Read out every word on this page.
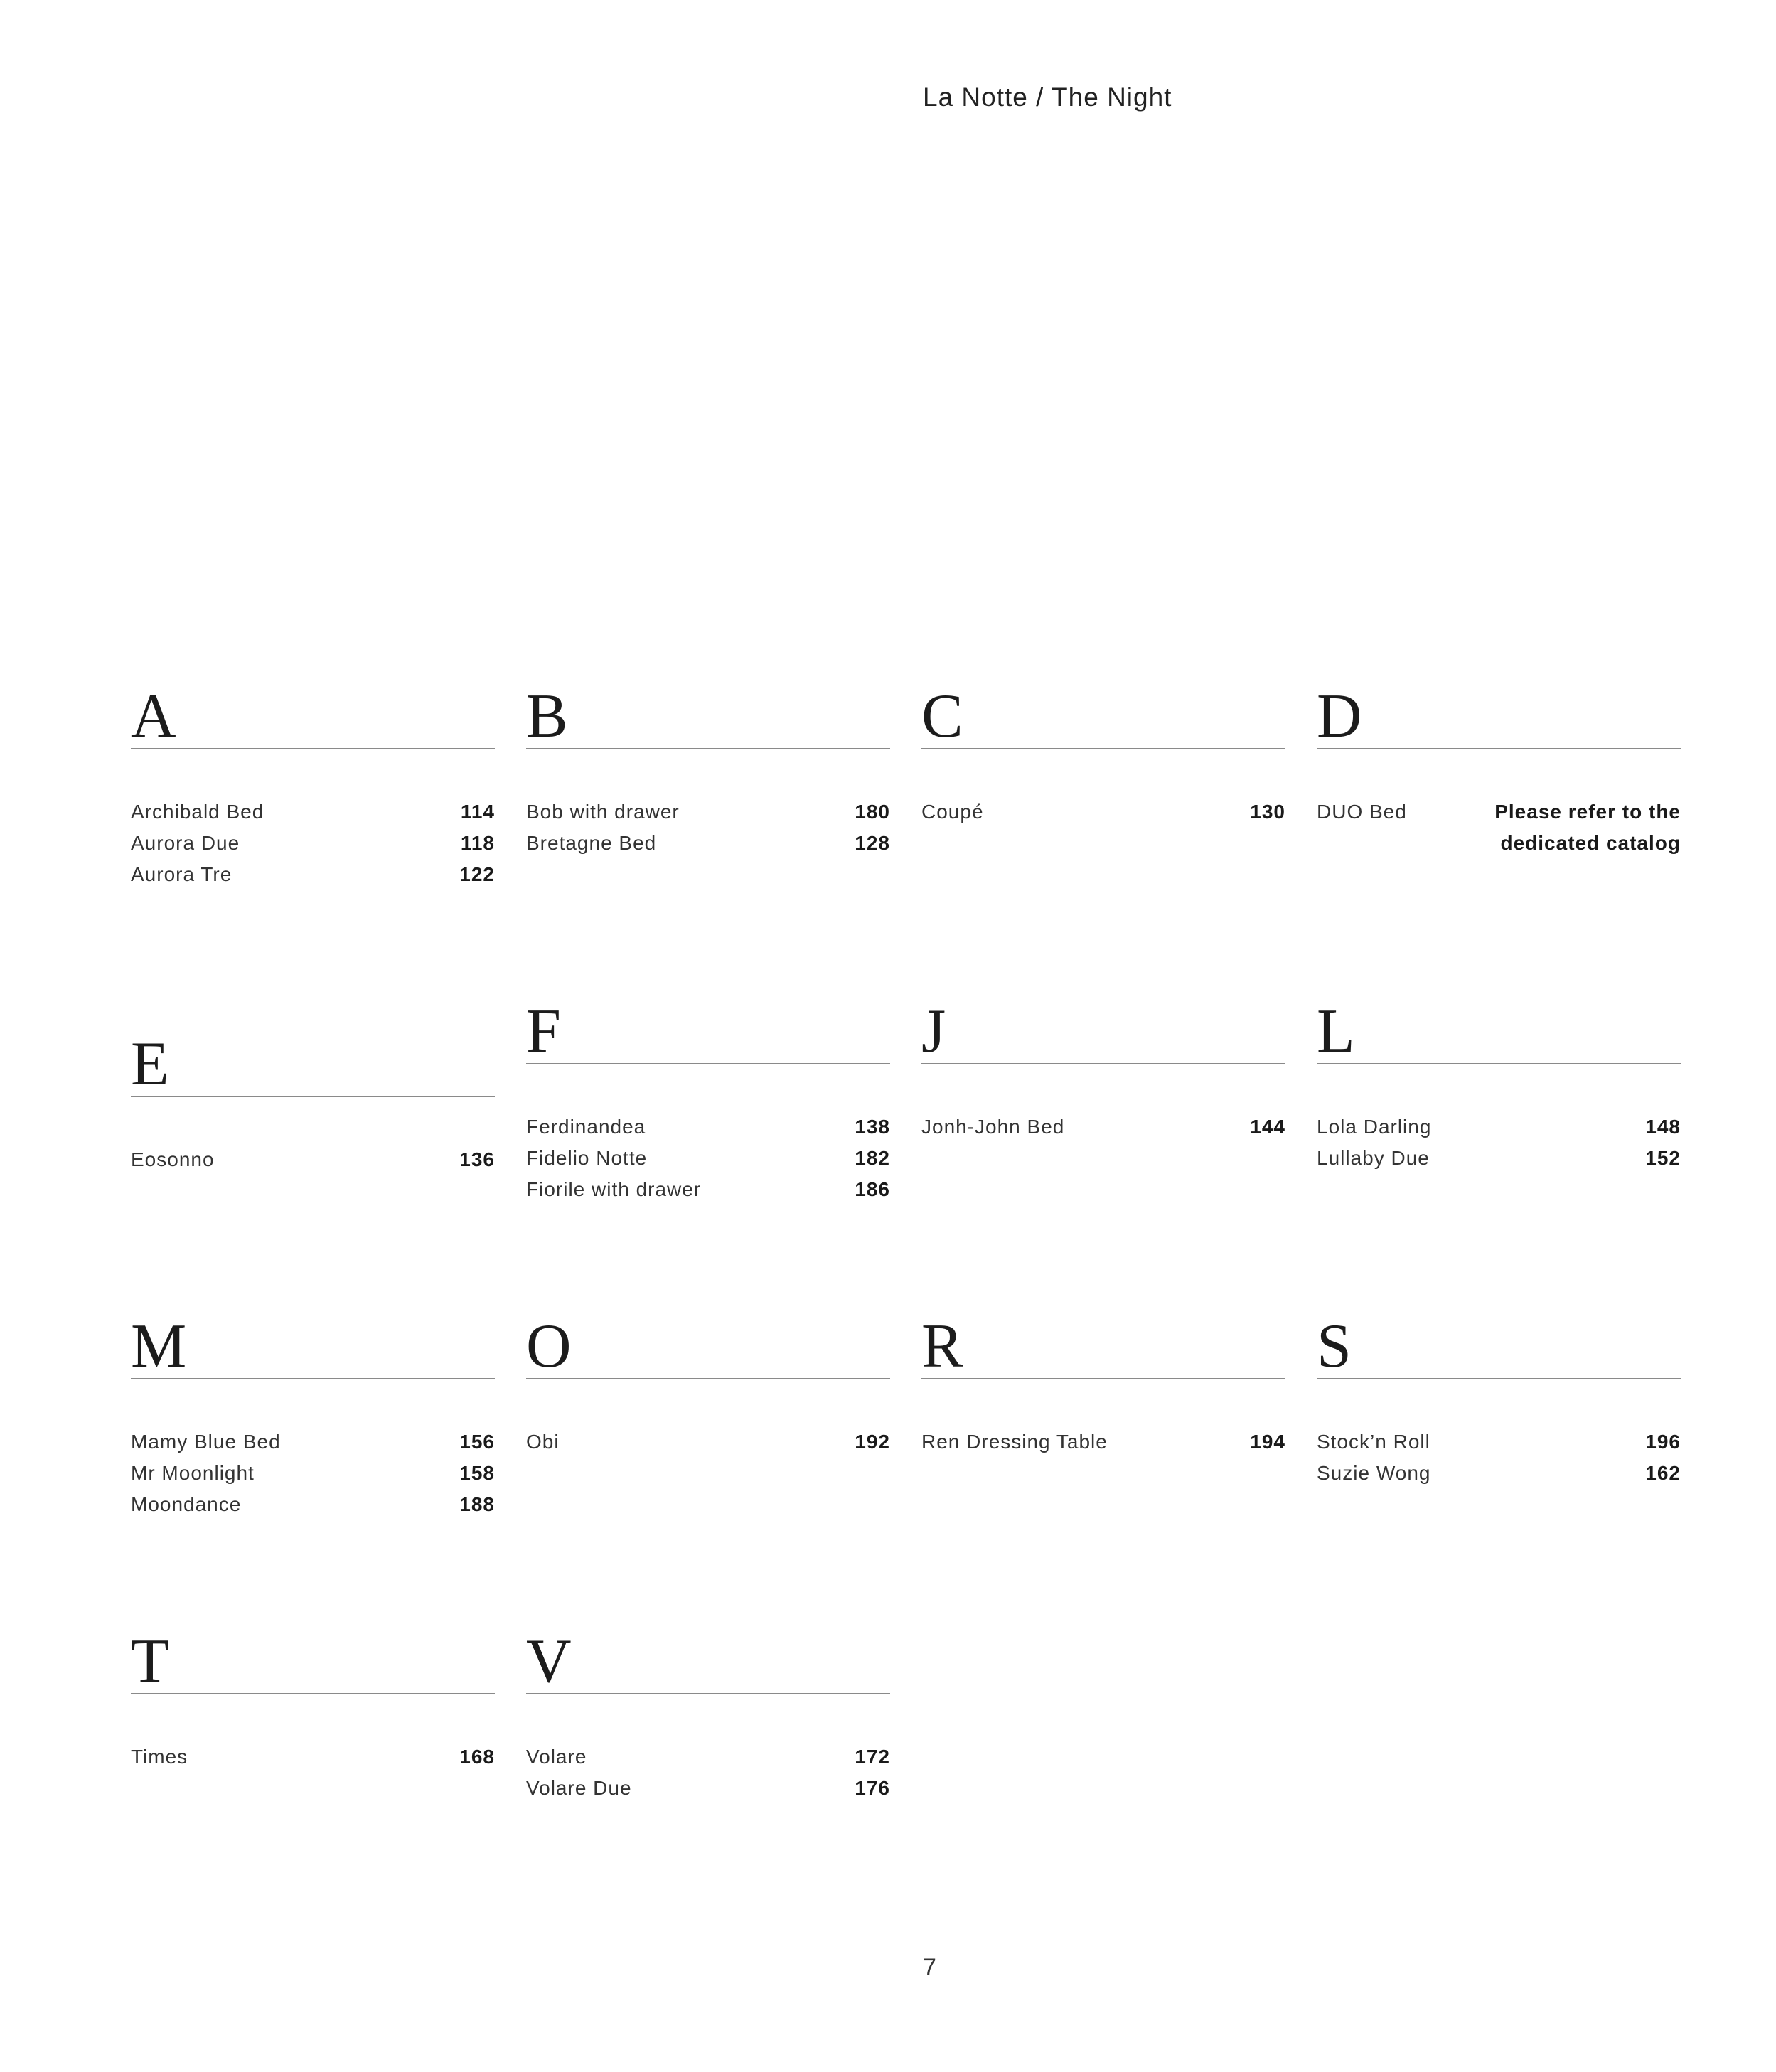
La Notte / The Night
A
Archibald Bed	114
Aurora Due	118
Aurora Tre	122
B
Bob with drawer	180
Bretagne Bed	128
C
Coupé	130
D
DUO Bed	Please refer to the dedicated catalog
E
Eosonno	136
F
Ferdinandea	138
Fidelio Notte	182
Fiorile with drawer	186
J
Jonh-John Bed	144
L
Lola Darling	148
Lullaby Due	152
M
Mamy Blue Bed	156
Mr Moonlight	158
Moondance	188
O
Obi	192
R
Ren Dressing Table	194
S
Stock’n Roll	196
Suzie Wong	162
T
Times	168
V
Volare	172
Volare Due	176
7
